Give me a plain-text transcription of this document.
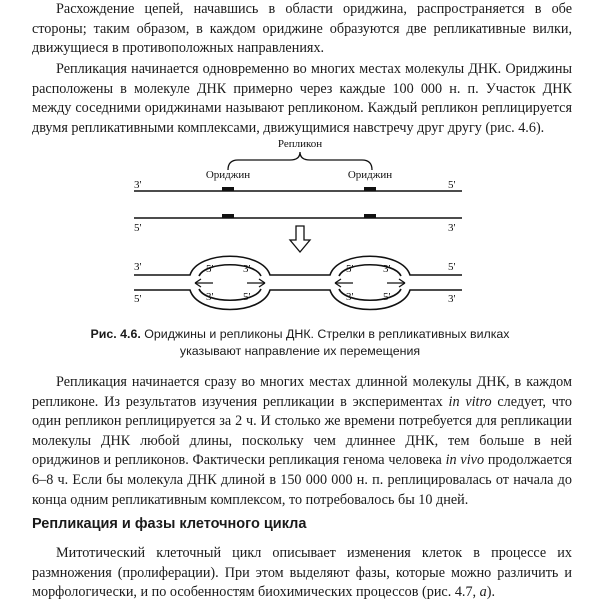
Расхождение цепей, начавшись в области ориджина, распространяется в обе стороны; таким образом, в каждом ориджине образуются две репликативные вилки, движущиеся в противоположных направлениях.

Репликация начинается одновременно во многих местах молекулы ДНК. Ориджины расположены в молекуле ДНК примерно через каждые 100 000 н. п. Участок ДНК между соседними ориджинами называют репликоном. Каждый репликон реплицируется двумя репликативными комплексами, движущимися навстречу друг другу (рис. 4.6).

Репликон
Ориджин	Ориджин
3'	5'
5'	3'
3'	5'
5'	3'
5'	3'
3'	5'
5'	3'
3'	5'

Рис. 4.6. Ориджины и репликоны ДНК. Стрелки в репликативных вилках указывают направление их перемещения

Репликация начинается сразу во многих местах длинной молекулы ДНК, в каждом репликоне. Из результатов изучения репликации в экспериментах in vitro следует, что один репликон реплицируется за 2 ч. И столько же времени потребуется для репликации молекулы ДНК любой длины, поскольку чем длиннее ДНК, тем больше в ней ориджинов и репликонов. Фактически репликация генома человека in vivo продолжается 6–8 ч. Если бы молекула ДНК длиной в 150 000 000 н. п. реплицировалась от начала до конца одним репликативным комплексом, то потребовалось бы 10 дней.

Репликация и фазы клеточного цикла

Митотический клеточный цикл описывает изменения клеток в процессе их размножения (пролиферации). При этом выделяют фазы, которые можно различить и морфологически, и по особенностям биохимических процессов (рис. 4.7, а).
